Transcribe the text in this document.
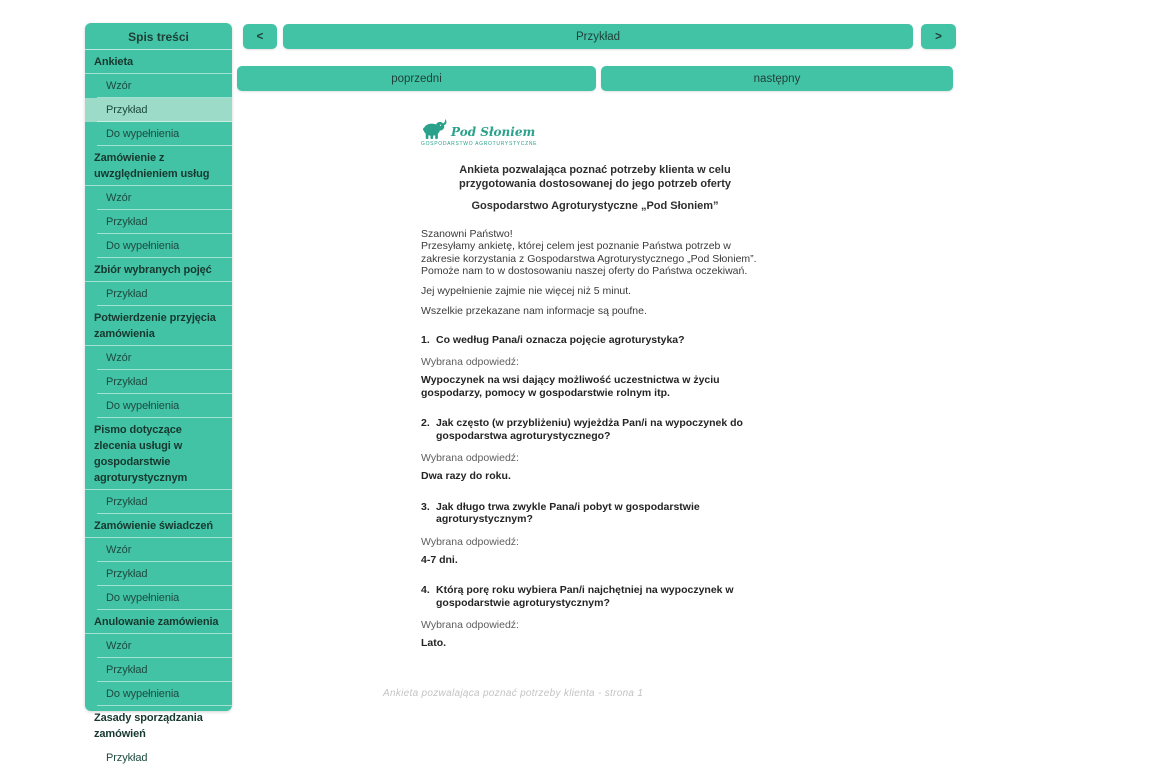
Spis treści
Ankieta
Wzór
Przykład
Do wypełnienia
Zamówienie z uwzględnieniem usług
Wzór
Przykład
Do wypełnienia
Zbiór wybranych pojęć
Przykład
Potwierdzenie przyjęcia zamówienia
Wzór
Przykład
Do wypełnienia
Pismo dotyczące zlecenia usługi w gospodarstwie agroturystycznym
Przykład
Zamówienie świadczeń
Wzór
Przykład
Do wypełnienia
Anulowanie zamówienia
Wzór
Przykład
Do wypełnienia
Zasady sporządzania zamówień
Przykład
<	Przykład	>
poprzedni	następny
Pod Słoniem
GOSPODARSTWO AGROTURYSTYCZNE
Ankieta pozwalająca poznać potrzeby klienta w celu przygotowania dostosowanej do jego potrzeb oferty
Gospodarstwo Agroturystyczne „Pod Słoniem”
Szanowni Państwo!
Przesyłamy ankietę, której celem jest poznanie Państwa potrzeb w zakresie korzystania z Gospodarstwa Agroturystycznego „Pod Słoniem”. Pomoże nam to w dostosowaniu naszej oferty do Państwa oczekiwań.
Jej wypełnienie zajmie nie więcej niż 5 minut.
Wszelkie przekazane nam informacje są poufne.
1. Co według Pana/i oznacza pojęcie agroturystyka?
Wybrana odpowiedź:
Wypoczynek na wsi dający możliwość uczestnictwa w życiu gospodarzy, pomocy w gospodarstwie rolnym itp.
2. Jak często (w przybliżeniu) wyjeżdża Pan/i na wypoczynek do gospodarstwa agroturystycznego?
Wybrana odpowiedź:
Dwa razy do roku.
3. Jak długo trwa zwykle Pana/i pobyt w gospodarstwie agroturystycznym?
Wybrana odpowiedź:
4-7 dni.
4. Którą porę roku wybiera Pan/i najchętniej na wypoczynek w gospodarstwie agroturystycznym?
Wybrana odpowiedź:
Lato.
Ankieta pozwalająca poznać potrzeby klienta - strona 1
